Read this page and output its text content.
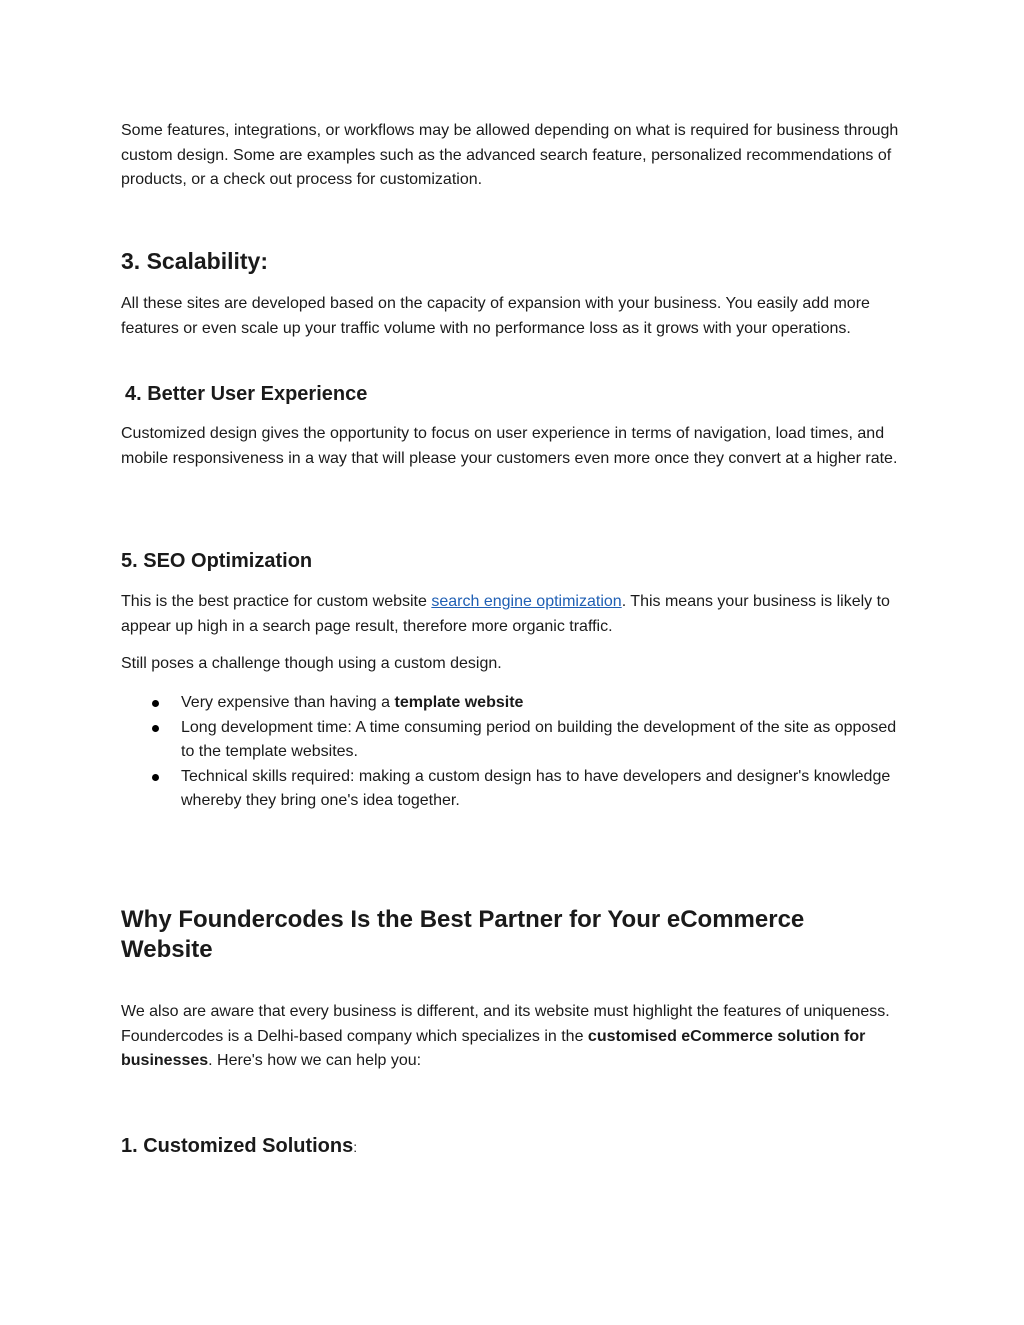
Some features, integrations, or workflows may be allowed depending on what is required for business through custom design. Some are examples such as the advanced search feature, personalized recommendations of products, or a check out process for customization.

3. Scalability:

All these sites are developed based on the capacity of expansion with your business. You easily add more features or even scale up your traffic volume with no performance loss as it grows with your operations.

4. Better User Experience

Customized design gives the opportunity to focus on user experience in terms of navigation, load times, and mobile responsiveness in a way that will please your customers even more once they convert at a higher rate.

5. SEO Optimization

This is the best practice for custom website search engine optimization. This means your business is likely to appear up high in a search page result, therefore more organic traffic.

Still poses a challenge though using a custom design.

Very expensive than having a template website
Long development time: A time consuming period on building the development of the site as opposed to the template websites.
Technical skills required: making a custom design has to have developers and designer's knowledge whereby they bring one's idea together.
Why Foundercodes Is the Best Partner for Your eCommerce Website

We also are aware that every business is different, and its website must highlight the features of uniqueness. Foundercodes is a Delhi-based company which specializes in the customised eCommerce solution for businesses. Here's how we can help you:

1. Customized Solutions:
